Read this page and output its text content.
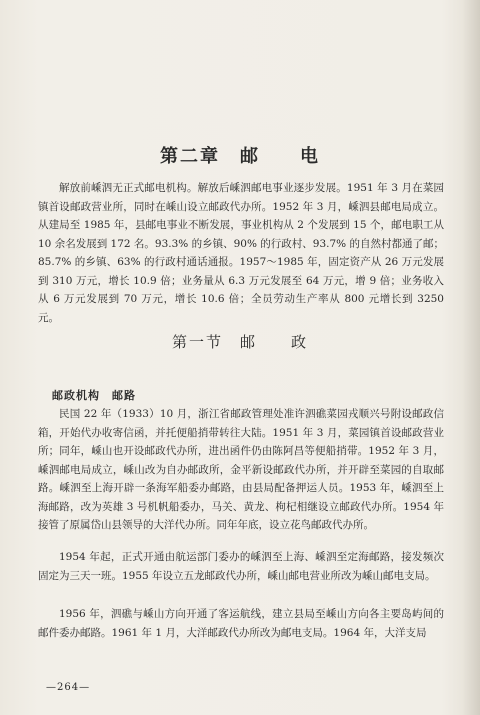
第二章　邮　　电

解放前嵊泗无正式邮电机构。解放后嵊泗邮电事业逐步发展。1951 年 3 月在菜园镇首设邮政营业所，同时在嵊山设立邮政代办所。1952 年 3 月，嵊泗县邮电局成立。从建局至 1985 年，县邮电事业不断发展，事业机构从 2 个发展到 15 个，邮电职工从 10 余名发展到 172 名。93.3% 的乡镇、90% 的行政村、93.7% 的自然村都通了邮；85.7% 的乡镇、63% 的行政村通话通报。1957～1985 年，固定资产从 26 万元发展到 310 万元，增长 10.9 倍；业务量从 6.3 万元发展至 64 万元，增 9 倍；业务收入从 6 万元发展到 70 万元，增长 10.6 倍；全员劳动生产率从 800 元增长到 3250 元。

第一节　邮　　政
邮政机构　邮路

民国 22 年（1933）10 月，浙江省邮政管理处准许泗礁菜园戎顺兴号附设邮政信箱，开始代办收寄信函，并托便船捎带转往大陆。1951 年 3 月，菜园镇首设邮政营业所；同年，嵊山也开设邮政代办所，进出函件仍由陈阿昌等便船捎带。1952 年 3 月，嵊泗邮电局成立，嵊山改为自办邮政所，金平新设邮政代办所，并开辟至菜园的自取邮路。嵊泗至上海开辟一条海军船委办邮路，由县局配备押运人员。1953 年，嵊泗至上海邮路，改为英雄 3 号机帆船委办，马关、黄龙、枸杞相继设立邮政代办所。1954 年接管了原属岱山县领导的大洋代办所。同年年底，设立花鸟邮政代办所。

1954 年起，正式开通由航运部门委办的嵊泗至上海、嵊泗至定海邮路，接发频次固定为三天一班。1955 年设立五龙邮政代办所，嵊山邮电营业所改为嵊山邮电支局。

1956 年，泗礁与嵊山方向开通了客运航线，建立县局至嵊山方向各主要岛屿间的邮件委办邮路。1961 年 1 月，大洋邮政代办所改为邮电支局。1964 年，大洋支局

—264—
